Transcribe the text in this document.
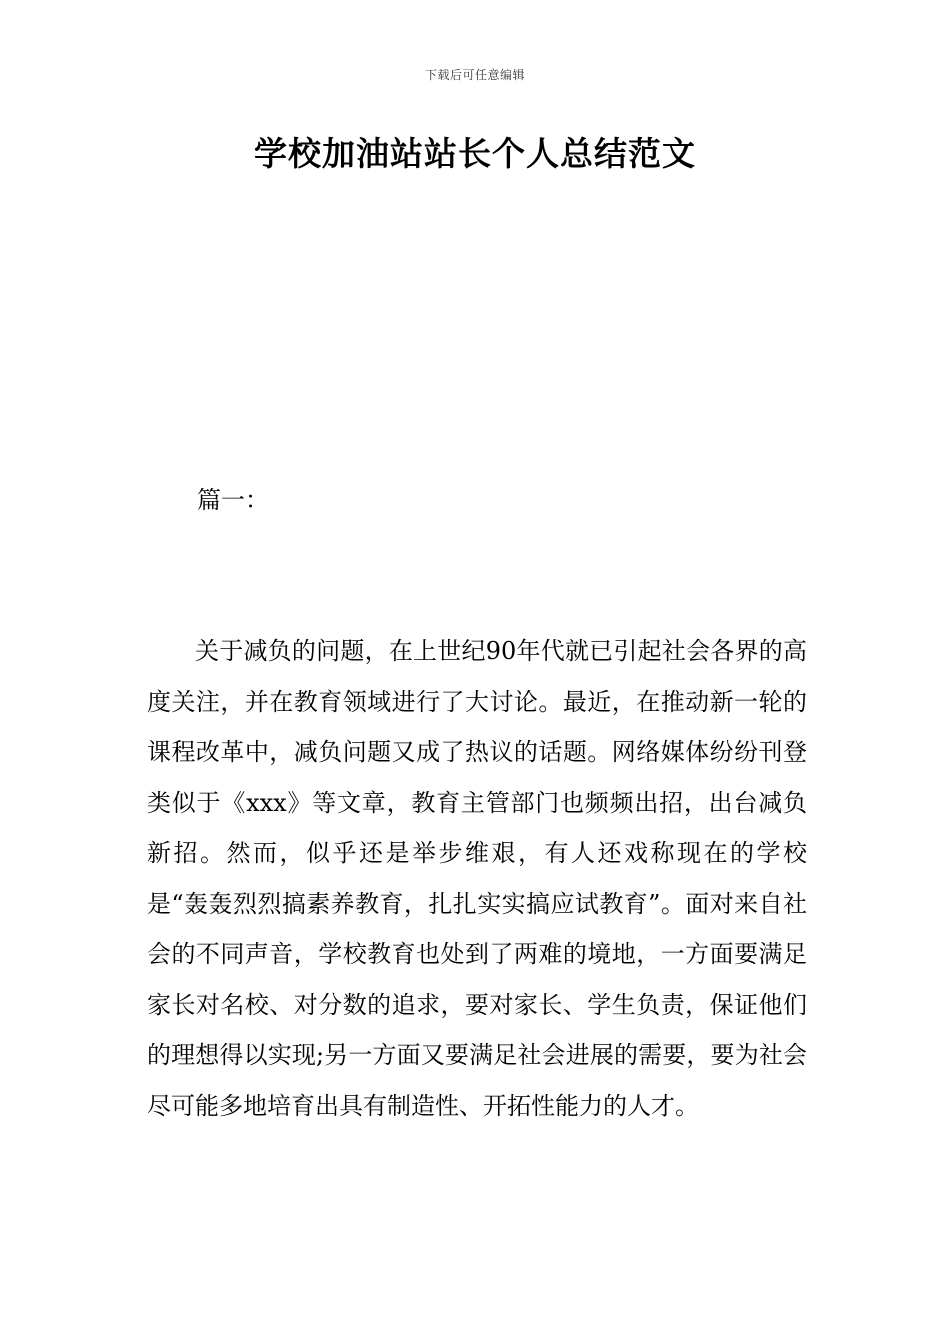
下载后可任意编辑
学校加油站站长个人总结范文

篇一：

关于减负的问题，在上世纪90年代就已引起社会各界的高度关注，并在教育领域进行了大讨论。最近，在推动新一轮的课程改革中，减负问题又成了热议的话题。网络媒体纷纷刊登类似于《xxx》等文章，教育主管部门也频频出招，出台减负新招。然而，似乎还是举步维艰，有人还戏称现在的学校是“轰轰烈烈搞素养教育，扎扎实实搞应试教育”。面对来自社会的不同声音，学校教育也处到了两难的境地，一方面要满足家长对名校、对分数的追求，要对家长、学生负责，保证他们的理想得以实现;另一方面又要满足社会进展的需要，要为社会尽可能多地培育出具有制造性、开拓性能力的人才。
